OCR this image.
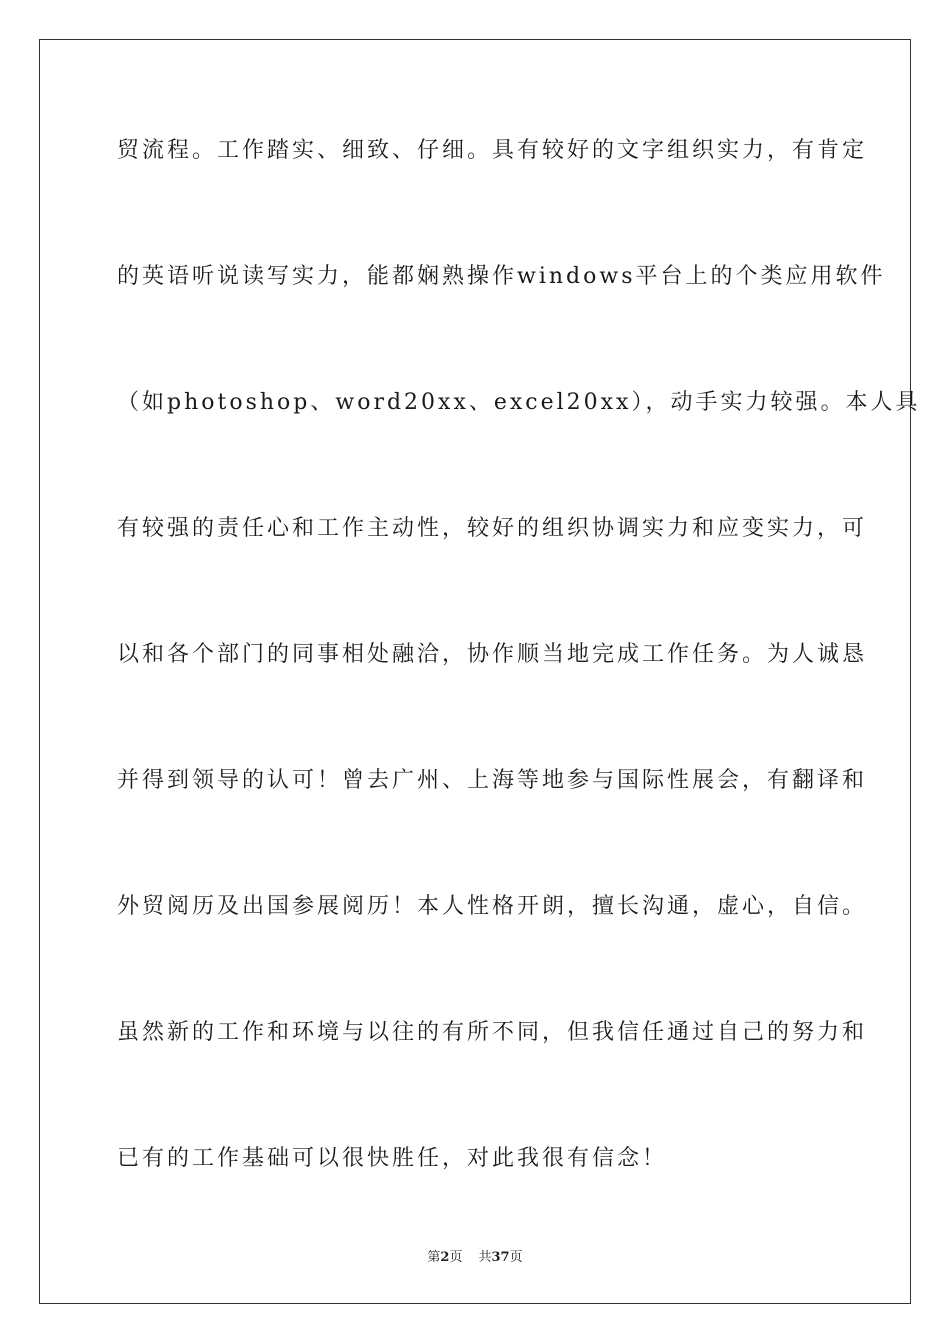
贸流程。工作踏实、细致、仔细。具有较好的文字组织实力，有肯定
的英语听说读写实力，能都娴熟操作windows平台上的个类应用软件
（如photoshop、word20xx、excel20xx），动手实力较强。本人具
有较强的责任心和工作主动性，较好的组织协调实力和应变实力，可
以和各个部门的同事相处融洽，协作顺当地完成工作任务。为人诚恳
并得到领导的认可！曾去广州、上海等地参与国际性展会，有翻译和
外贸阅历及出国参展阅历！本人性格开朗，擅长沟通，虚心，自信。
虽然新的工作和环境与以往的有所不同，但我信任通过自己的努力和
已有的工作基础可以很快胜任，对此我很有信念！
第2页 共37页
